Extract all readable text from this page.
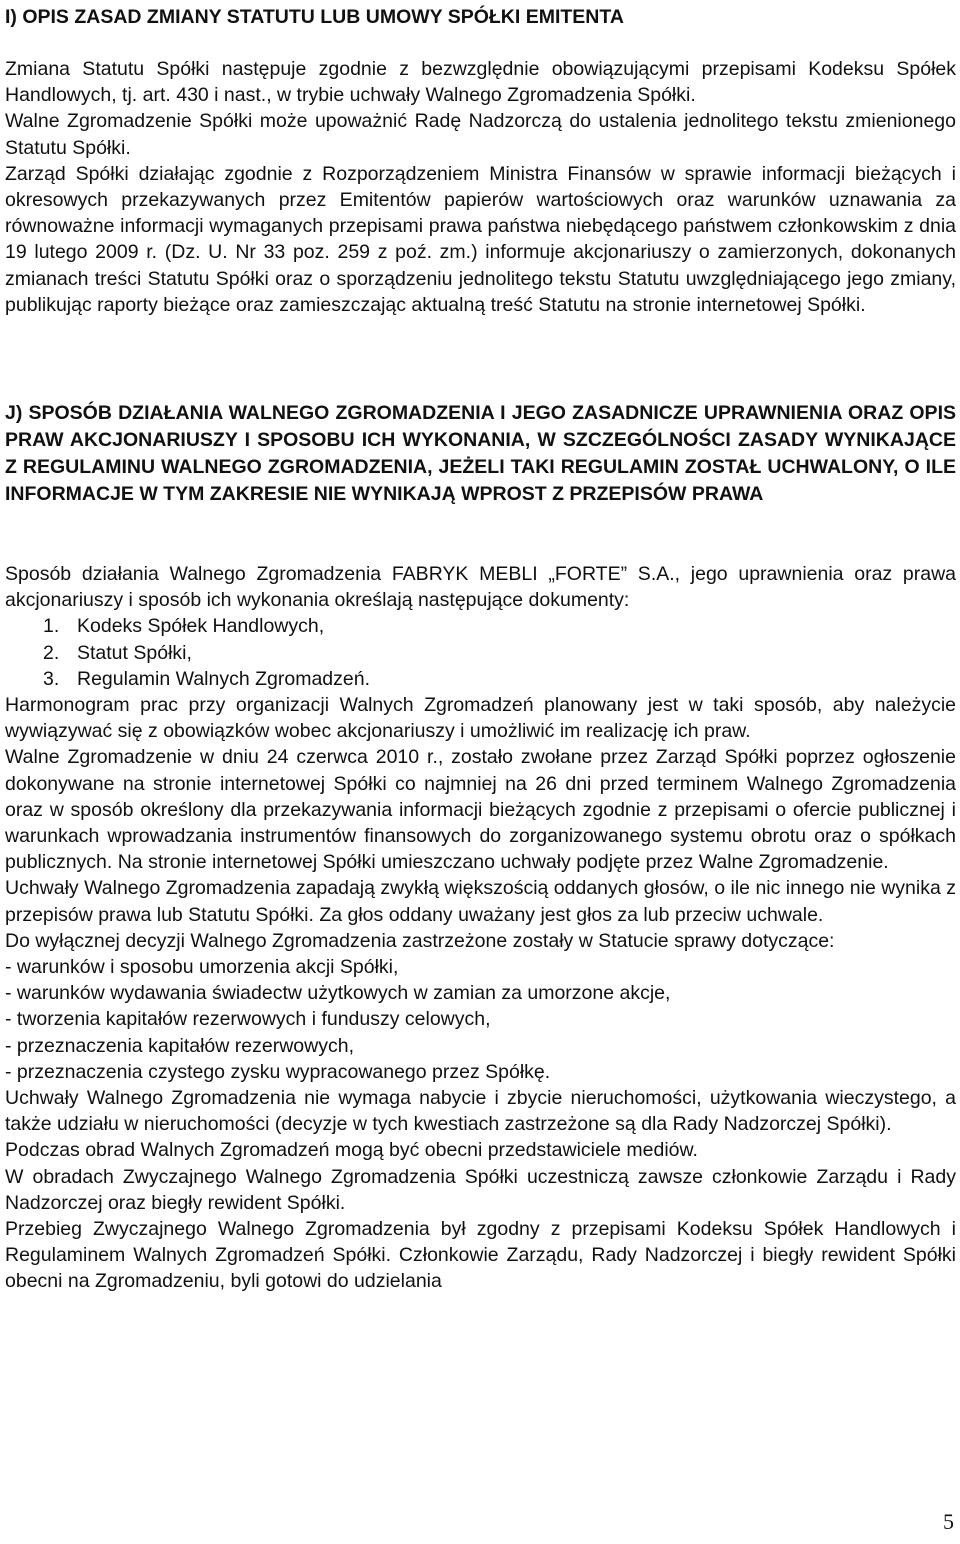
I) OPIS ZASAD ZMIANY STATUTU LUB UMOWY SPÓŁKI EMITENTA

Zmiana Statutu Spółki następuje zgodnie z bezwzględnie obowiązującymi przepisami Kodeksu Spółek Handlowych, tj. art. 430 i nast., w trybie uchwały Walnego Zgromadzenia Spółki.

Walne Zgromadzenie Spółki może upoważnić Radę Nadzorczą do ustalenia jednolitego tekstu zmienionego Statutu Spółki.

Zarząd Spółki działając zgodnie z Rozporządzeniem Ministra Finansów w sprawie informacji bieżących i okresowych przekazywanych przez Emitentów papierów wartościowych oraz warunków uznawania za równoważne informacji wymaganych przepisami prawa państwa niebędącego państwem członkowskim z dnia 19 lutego 2009 r. (Dz. U. Nr 33 poz. 259 z poź. zm.) informuje akcjonariuszy o zamierzonych, dokonanych zmianach treści Statutu Spółki oraz o sporządzeniu jednolitego tekstu Statutu uwzględniającego jego zmiany, publikując raporty bieżące oraz zamieszczając aktualną treść Statutu na stronie internetowej Spółki.

J) SPOSÓB DZIAŁANIA WALNEGO ZGROMADZENIA I JEGO ZASADNICZE UPRAWNIENIA ORAZ OPIS PRAW AKCJONARIUSZY I SPOSOBU ICH WYKONANIA, W SZCZEGÓLNOŚCI ZASADY WYNIKAJĄCE Z REGULAMINU WALNEGO ZGROMADZENIA, JEŻELI TAKI REGULAMIN ZOSTAŁ UCHWALONY, O ILE INFORMACJE W TYM ZAKRESIE NIE WYNIKAJĄ WPROST Z PRZEPISÓW PRAWA

Sposób działania Walnego Zgromadzenia FABRYK MEBLI „FORTE” S.A., jego uprawnienia oraz prawa akcjonariuszy i sposób ich wykonania określają następujące dokumenty:

1. Kodeks Spółek Handlowych,
2. Statut Spółki,
3. Regulamin Walnych Zgromadzeń.

Harmonogram prac przy organizacji Walnych Zgromadzeń planowany jest w taki sposób, aby należycie wywiązywać się z obowiązków wobec akcjonariuszy i umożliwić im realizację ich praw.

Walne Zgromadzenie w dniu 24 czerwca 2010 r., zostało zwołane przez Zarząd Spółki poprzez ogłoszenie dokonywane na stronie internetowej Spółki co najmniej na 26 dni przed terminem Walnego Zgromadzenia oraz w sposób określony dla przekazywania informacji bieżących zgodnie z przepisami o ofercie publicznej i warunkach wprowadzania instrumentów finansowych do zorganizowanego systemu obrotu oraz o spółkach publicznych. Na stronie internetowej Spółki umieszczano uchwały podjęte przez Walne Zgromadzenie.

Uchwały Walnego Zgromadzenia zapadają zwykłą większością oddanych głosów, o ile nic innego nie wynika z przepisów prawa lub Statutu Spółki. Za głos oddany uważany jest głos za lub przeciw uchwale.

Do wyłącznej decyzji Walnego Zgromadzenia zastrzeżone zostały w Statucie sprawy dotyczące:

- warunków i sposobu umorzenia akcji Spółki,
- warunków wydawania świadectw użytkowych w zamian za umorzone akcje,
- tworzenia kapitałów rezerwowych i funduszy celowych,
- przeznaczenia kapitałów rezerwowych,
- przeznaczenia czystego zysku wypracowanego przez Spółkę.

Uchwały Walnego Zgromadzenia nie wymaga nabycie i zbycie nieruchomości, użytkowania wieczystego, a także udziału w nieruchomości (decyzje w tych kwestiach zastrzeżone są dla Rady Nadzorczej Spółki).

Podczas obrad Walnych Zgromadzeń mogą być obecni przedstawiciele mediów.

W obradach Zwyczajnego Walnego Zgromadzenia Spółki uczestniczą zawsze członkowie Zarządu i Rady Nadzorczej oraz biegły rewident Spółki.

Przebieg Zwyczajnego Walnego Zgromadzenia był zgodny z przepisami Kodeksu Spółek Handlowych i Regulaminem Walnych Zgromadzeń Spółki. Członkowie Zarządu, Rady Nadzorczej i biegły rewident Spółki obecni na Zgromadzeniu, byli gotowi do udzielania

5
